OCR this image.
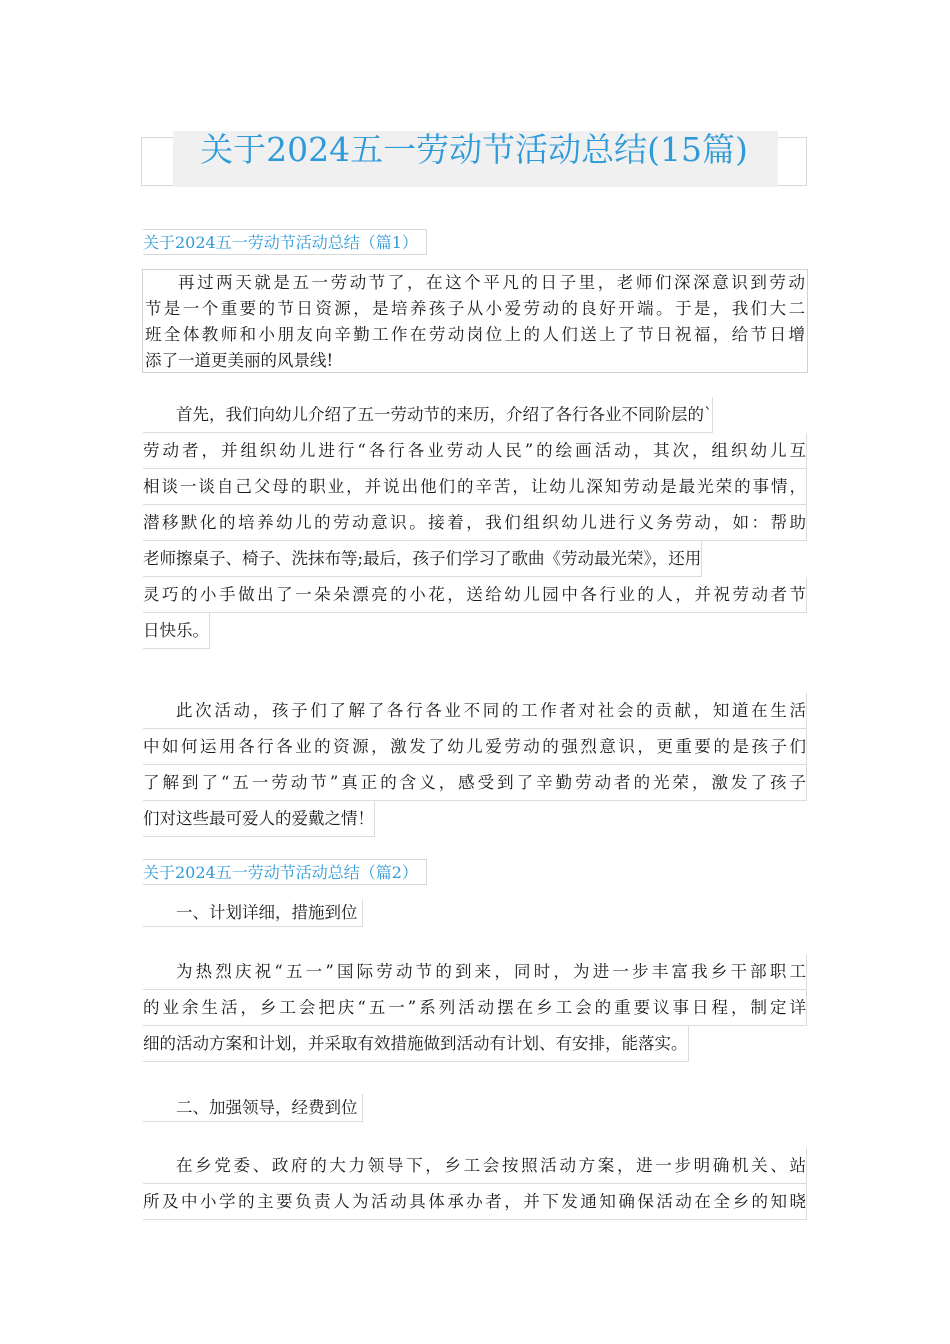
关于2024五一劳动节活动总结(15篇)
关于2024五一劳动节活动总结（篇1）
再过两天就是五一劳动节了，在这个平凡的日子里，老师们深深意识到劳动
节是一个重要的节日资源，是培养孩子从小爱劳动的良好开端。于是，我们大二
班全体教师和小朋友向辛勤工作在劳动岗位上的人们送上了节日祝福，给节日增
添了一道更美丽的风景线!
首先，我们向幼儿介绍了五一劳动节的来历，介绍了各行各业不同阶层的`
劳动者，并组织幼儿进行“各行各业劳动人民”的绘画活动，其次，组织幼儿互
相谈一谈自己父母的职业，并说出他们的辛苦，让幼儿深知劳动是最光荣的事情，
潜移默化的培养幼儿的劳动意识。接着，我们组织幼儿进行义务劳动，如：帮助
老师擦桌子、椅子、洗抹布等;最后，孩子们学习了歌曲《劳动最光荣》，还用
灵巧的小手做出了一朵朵漂亮的小花，送给幼儿园中各行业的人，并祝劳动者节
日快乐。
此次活动，孩子们了解了各行各业不同的工作者对社会的贡献，知道在生活
中如何运用各行各业的资源，激发了幼儿爱劳动的强烈意识，更重要的是孩子们
了解到了“五一劳动节”真正的含义，感受到了辛勤劳动者的光荣，激发了孩子
们对这些最可爱人的爱戴之情！
关于2024五一劳动节活动总结（篇2）
一、计划详细，措施到位
为热烈庆祝“五一”国际劳动节的到来，同时，为进一步丰富我乡干部职工
的业余生活，乡工会把庆“五一”系列活动摆在乡工会的重要议事日程，制定详
细的活动方案和计划，并采取有效措施做到活动有计划、有安排，能落实。
二、加强领导，经费到位
在乡党委、政府的大力领导下，乡工会按照活动方案，进一步明确机关、站
所及中小学的主要负责人为活动具体承办者，并下发通知确保活动在全乡的知晓
